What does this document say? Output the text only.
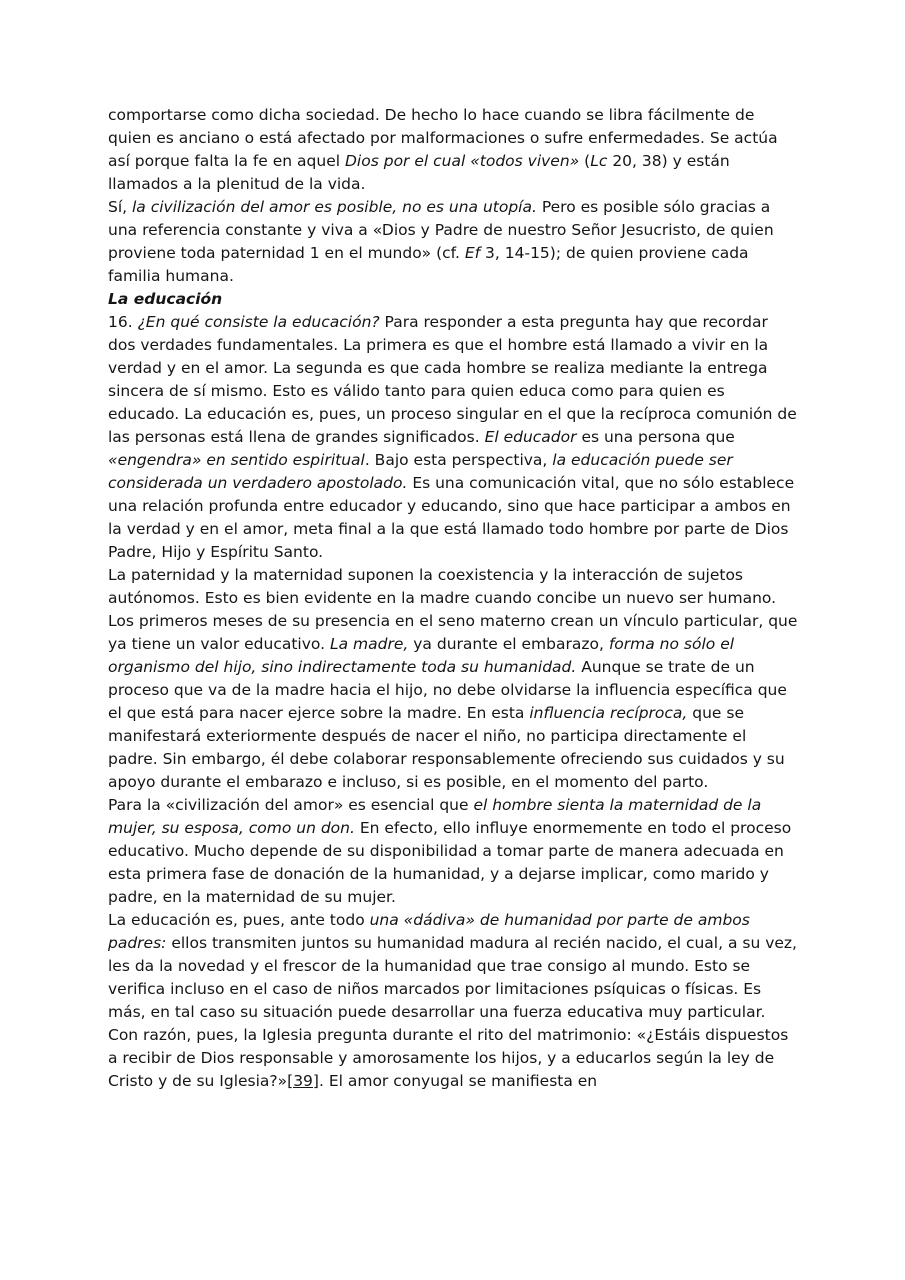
comportarse como dicha sociedad. De hecho lo hace cuando se libra fácilmente de quien es anciano o está afectado por malformaciones o sufre enfermedades. Se actúa así porque falta la fe en aquel Dios por el cual «todos viven» (Lc 20, 38) y están llamados a la plenitud de la vida.

Sí, la civilización del amor es posible, no es una utopía. Pero es posible sólo gracias a una referencia constante y viva a «Dios y Padre de nuestro Señor Jesucristo, de quien proviene toda paternidad 1 en el mundo» (cf. Ef 3, 14-15); de quien proviene cada familia humana.

La educación

16. ¿En qué consiste la educación? Para responder a esta pregunta hay que recordar dos verdades fundamentales. La primera es que el hombre está llamado a vivir en la verdad y en el amor. La segunda es que cada hombre se realiza mediante la entrega sincera de sí mismo. Esto es válido tanto para quien educa como para quien es educado. La educación es, pues, un proceso singular en el que la recíproca comunión de las personas está llena de grandes significados. El educador es una persona que «engendra» en sentido espiritual. Bajo esta perspectiva, la educación puede ser considerada un verdadero apostolado. Es una comunicación vital, que no sólo establece una relación profunda entre educador y educando, sino que hace participar a ambos en la verdad y en el amor, meta final a la que está llamado todo hombre por parte de Dios Padre, Hijo y Espíritu Santo.

La paternidad y la maternidad suponen la coexistencia y la interacción de sujetos autónomos. Esto es bien evidente en la madre cuando concibe un nuevo ser humano. Los primeros meses de su presencia en el seno materno crean un vínculo particular, que ya tiene un valor educativo. La madre, ya durante el embarazo, forma no sólo el organismo del hijo, sino indirectamente toda su humanidad. Aunque se trate de un proceso que va de la madre hacia el hijo, no debe olvidarse la influencia específica que el que está para nacer ejerce sobre la madre. En esta influencia recíproca, que se manifestará exteriormente después de nacer el niño, no participa directamente el padre. Sin embargo, él debe colaborar responsablemente ofreciendo sus cuidados y su apoyo durante el embarazo e incluso, si es posible, en el momento del parto.

Para la «civilización del amor» es esencial que el hombre sienta la maternidad de la mujer, su esposa, como un don. En efecto, ello influye enormemente en todo el proceso educativo. Mucho depende de su disponibilidad a tomar parte de manera adecuada en esta primera fase de donación de la humanidad, y a dejarse implicar, como marido y padre, en la maternidad de su mujer.

La educación es, pues, ante todo una «dádiva» de humanidad por parte de ambos padres: ellos transmiten juntos su humanidad madura al recién nacido, el cual, a su vez, les da la novedad y el frescor de la humanidad que trae consigo al mundo. Esto se verifica incluso en el caso de niños marcados por limitaciones psíquicas o físicas. Es más, en tal caso su situación puede desarrollar una fuerza educativa muy particular.

Con razón, pues, la Iglesia pregunta durante el rito del matrimonio: «¿Estáis dispuestos a recibir de Dios responsable y amorosamente los hijos, y a educarlos según la ley de Cristo y de su Iglesia?»[39]. El amor conyugal se manifiesta en
